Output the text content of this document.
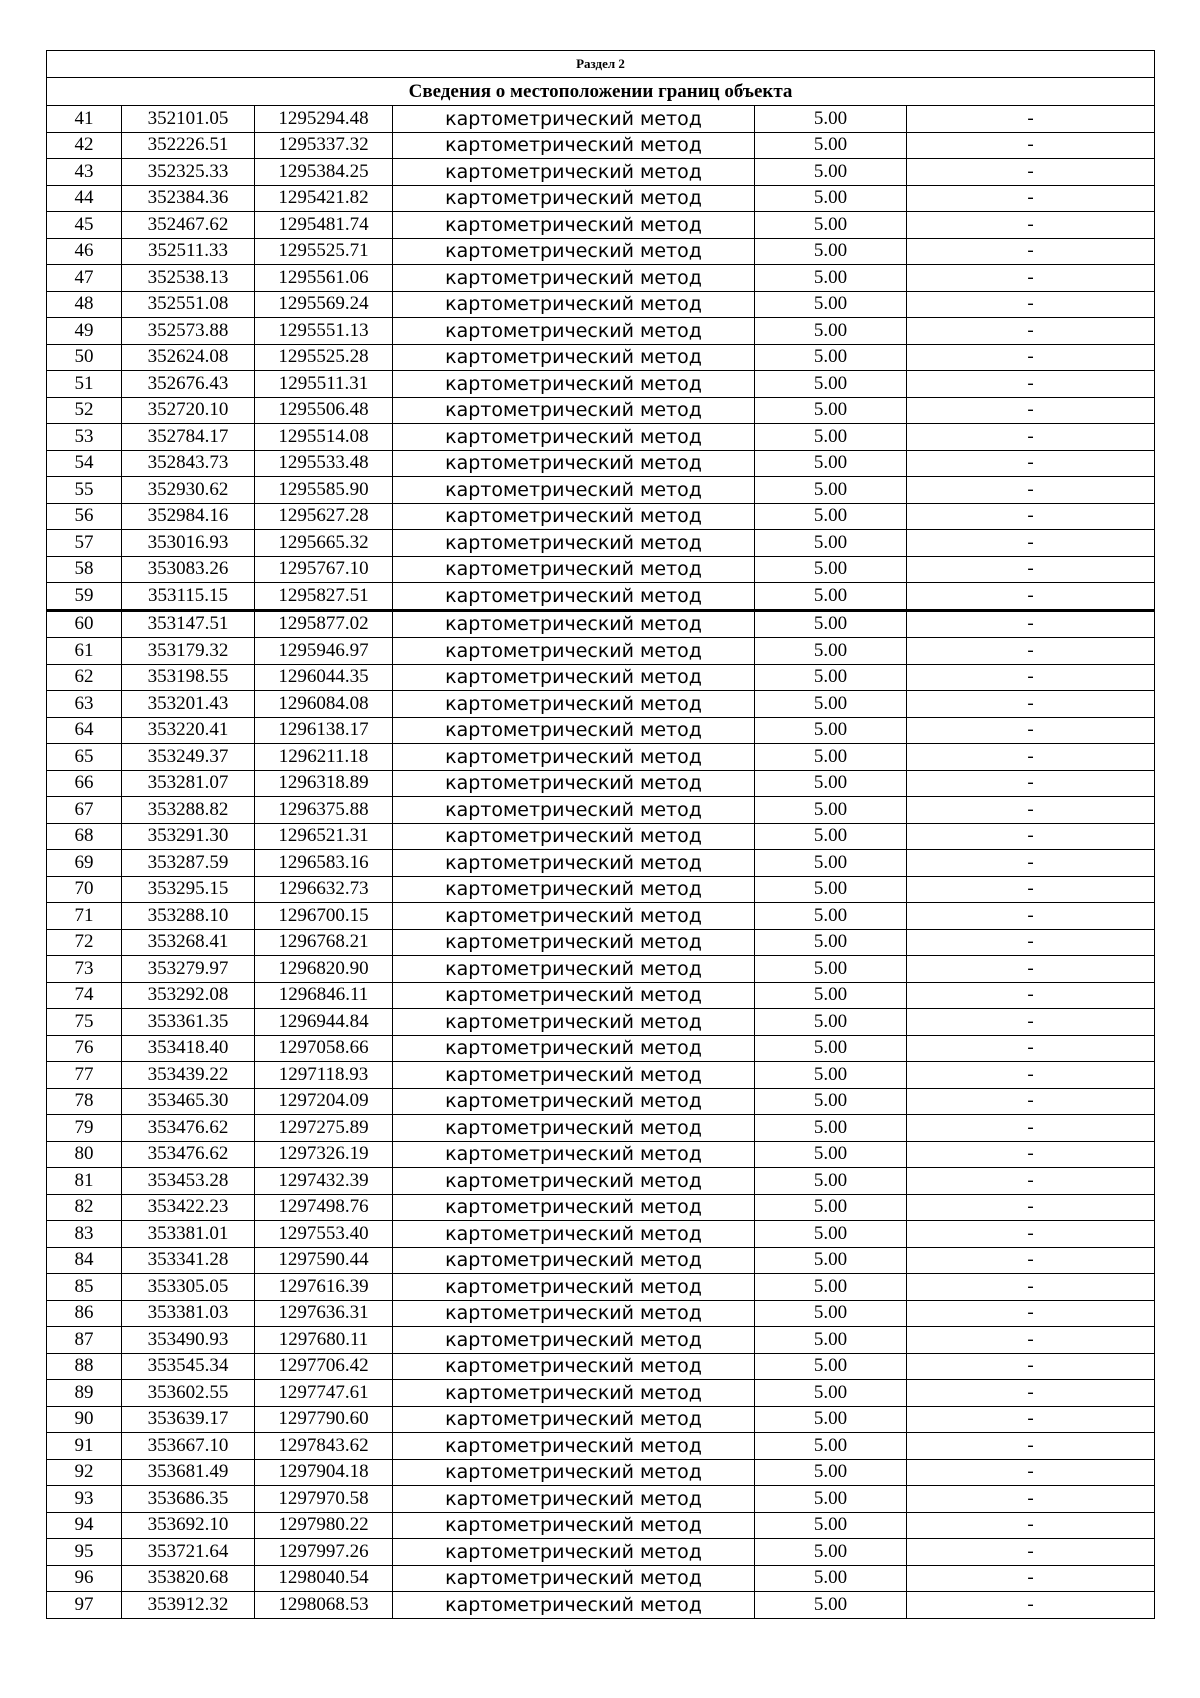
Раздел 2					
Сведения о местоположении границ объекта					
41	352101.05	1295294.48	картометрический метод	5.00	-
42	352226.51	1295337.32	картометрический метод	5.00	-
43	352325.33	1295384.25	картометрический метод	5.00	-
44	352384.36	1295421.82	картометрический метод	5.00	-
45	352467.62	1295481.74	картометрический метод	5.00	-
46	352511.33	1295525.71	картометрический метод	5.00	-
47	352538.13	1295561.06	картометрический метод	5.00	-
48	352551.08	1295569.24	картометрический метод	5.00	-
49	352573.88	1295551.13	картометрический метод	5.00	-
50	352624.08	1295525.28	картометрический метод	5.00	-
51	352676.43	1295511.31	картометрический метод	5.00	-
52	352720.10	1295506.48	картометрический метод	5.00	-
53	352784.17	1295514.08	картометрический метод	5.00	-
54	352843.73	1295533.48	картометрический метод	5.00	-
55	352930.62	1295585.90	картометрический метод	5.00	-
56	352984.16	1295627.28	картометрический метод	5.00	-
57	353016.93	1295665.32	картометрический метод	5.00	-
58	353083.26	1295767.10	картометрический метод	5.00	-
59	353115.15	1295827.51	картометрический метод	5.00	-
60	353147.51	1295877.02	картометрический метод	5.00	-
61	353179.32	1295946.97	картометрический метод	5.00	-
62	353198.55	1296044.35	картометрический метод	5.00	-
63	353201.43	1296084.08	картометрический метод	5.00	-
64	353220.41	1296138.17	картометрический метод	5.00	-
65	353249.37	1296211.18	картометрический метод	5.00	-
66	353281.07	1296318.89	картометрический метод	5.00	-
67	353288.82	1296375.88	картометрический метод	5.00	-
68	353291.30	1296521.31	картометрический метод	5.00	-
69	353287.59	1296583.16	картометрический метод	5.00	-
70	353295.15	1296632.73	картометрический метод	5.00	-
71	353288.10	1296700.15	картометрический метод	5.00	-
72	353268.41	1296768.21	картометрический метод	5.00	-
73	353279.97	1296820.90	картометрический метод	5.00	-
74	353292.08	1296846.11	картометрический метод	5.00	-
75	353361.35	1296944.84	картометрический метод	5.00	-
76	353418.40	1297058.66	картометрический метод	5.00	-
77	353439.22	1297118.93	картометрический метод	5.00	-
78	353465.30	1297204.09	картометрический метод	5.00	-
79	353476.62	1297275.89	картометрический метод	5.00	-
80	353476.62	1297326.19	картометрический метод	5.00	-
81	353453.28	1297432.39	картометрический метод	5.00	-
82	353422.23	1297498.76	картометрический метод	5.00	-
83	353381.01	1297553.40	картометрический метод	5.00	-
84	353341.28	1297590.44	картометрический метод	5.00	-
85	353305.05	1297616.39	картометрический метод	5.00	-
86	353381.03	1297636.31	картометрический метод	5.00	-
87	353490.93	1297680.11	картометрический метод	5.00	-
88	353545.34	1297706.42	картометрический метод	5.00	-
89	353602.55	1297747.61	картометрический метод	5.00	-
90	353639.17	1297790.60	картометрический метод	5.00	-
91	353667.10	1297843.62	картометрический метод	5.00	-
92	353681.49	1297904.18	картометрический метод	5.00	-
93	353686.35	1297970.58	картометрический метод	5.00	-
94	353692.10	1297980.22	картометрический метод	5.00	-
95	353721.64	1297997.26	картометрический метод	5.00	-
96	353820.68	1298040.54	картометрический метод	5.00	-
97	353912.32	1298068.53	картометрический метод	5.00	-
